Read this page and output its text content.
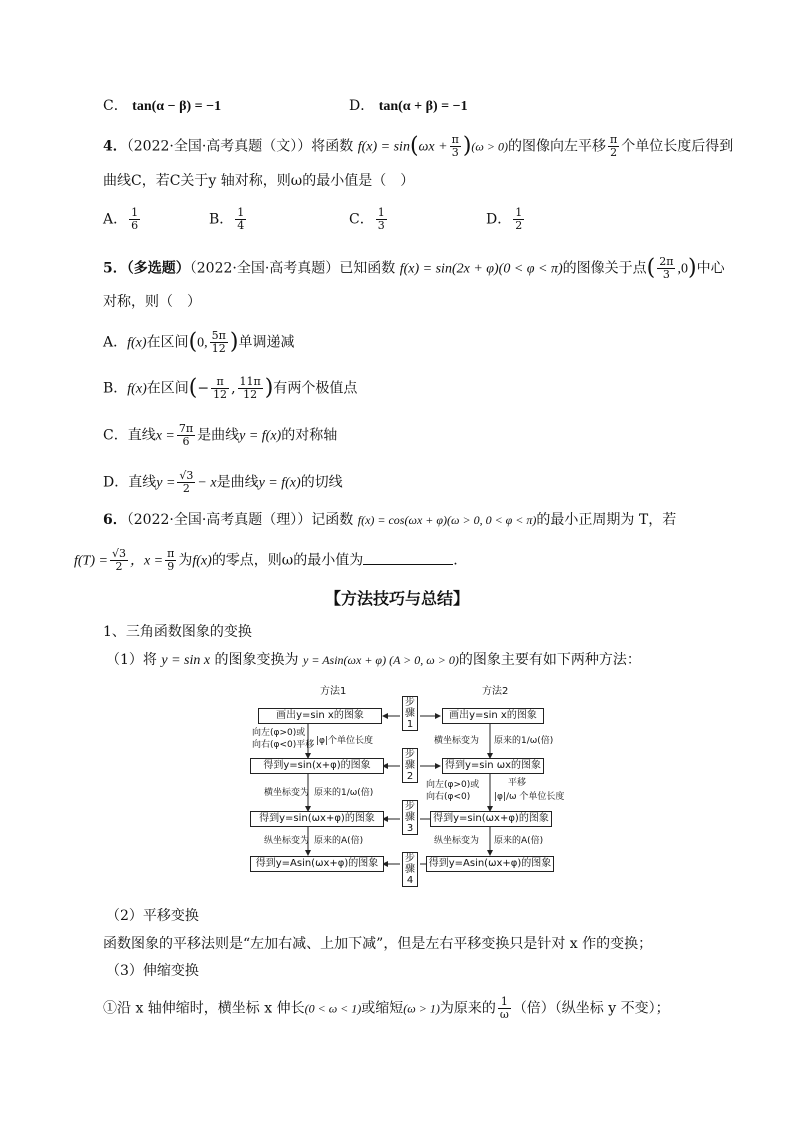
C． tan(α − β) = −1	D． tan(α + β) = −1
4．（2022·全国·高考真题（文））将函数 $f(x) = \sin(\omega x + \frac{\pi}{3} )(\omega > 0)$的图像向左平移 $\frac{\pi}{2}$ 个单位长度后得到
曲线C，若C关于y 轴对称，则ω的最小值是（　）
A． $\frac{1}{6}$	B． $\frac{1}{4}$	C． $\frac{1}{3}$	D． $\frac{1}{2}$
5．（多选题）（2022·全国·高考真题）已知函数 f(x) = sin(2x + φ)(0 < φ < π)的图像关于点( $\frac{2\pi}{3} ,0$)中心
对称，则（　）
A．f(x)在区间(0, $\frac{5\pi}{12}$ )单调递减
B．f(x)在区间(− $\frac{\pi}{12}$ , $\frac{11\pi}{12}$ )有两个极值点
C．直线$x = \frac{7\pi}{6}$ 是曲线y = f(x)的对称轴
D．直线$y = \frac{√3}{2} - x$是曲线y = f(x)的切线
6．（2022·全国·高考真题（理））记函数 f(x) = cos(ωx + φ)(ω > 0, 0 < φ < π)的最小正周期为 T，若
$f(T) = \frac{√3}{2}$ ，$x = \frac{\pi}{9}$ 为f(x)的零点，则ω的最小值为	.
【方法技巧与总结】
1、三角函数图象的变换
（1）将 y = sin x 的图象变换为 y = Asin(ωx + φ) (A > 0, ω > 0)的图象主要有如下两种方法：
方法1	方法2
画出y=sin x的图象
得到y=sin(x+φ)的图象
得到y=sin(ωx+φ)的图象
得到y=Asin(ωx+φ)的图象
画出y=sin x的图象
得到y=sin ωx的图象
得到y=sin(ωx+φ)的图象
得到y=Asin(ωx+φ)的图象
步骤1
步骤2
步骤3
步骤4
向左(φ>0)或
向右(φ<0)平移 |φ|个单位长度
横坐标变为 原来的1/ω(倍)
纵坐标变为 原来的A(倍)
横坐标变为 原来的1/ω(倍)
向左(φ>0)或
向右(φ<0)
平移
|φ|/ω 个单位长度
纵坐标变为 原来的A(倍)
（2）平移变换
函数图象的平移法则是“左加右减、上加下减”，但是左右平移变换只是针对 x 作的变换；
（3）伸缩变换
①沿 x 轴伸缩时，横坐标 x 伸长(0 < ω < 1)或缩短(ω > 1)为原来的 $\frac{1}{\omega}$ （倍）（纵坐标 y 不变）；
